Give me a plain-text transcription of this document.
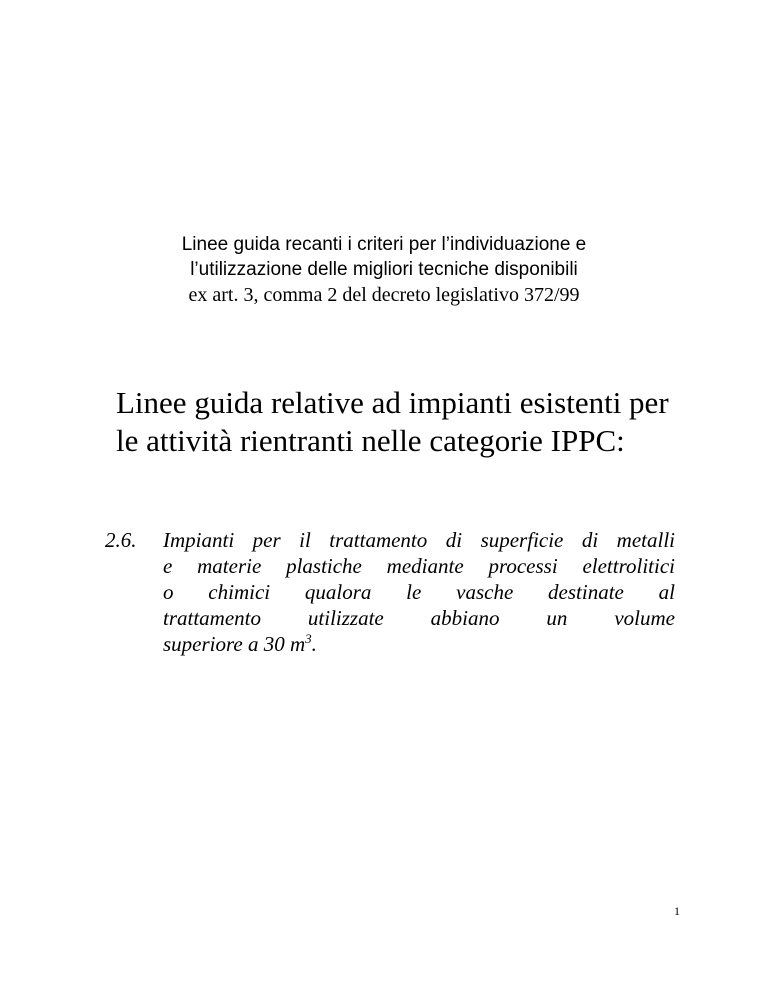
Linee guida recanti i criteri per l’individuazione e
l’utilizzazione delle migliori tecniche disponibili
ex art. 3, comma 2 del decreto legislativo 372/99
Linee guida relative ad impianti esistenti per
le attività rientranti nelle categorie IPPC:
2.6.	Impianti per il trattamento di superficie di metalli
e materie plastiche mediante processi elettrolitici
o chimici qualora le vasche destinate al
trattamento utilizzate abbiano un volume
superiore a 30 $m^3$.
1
